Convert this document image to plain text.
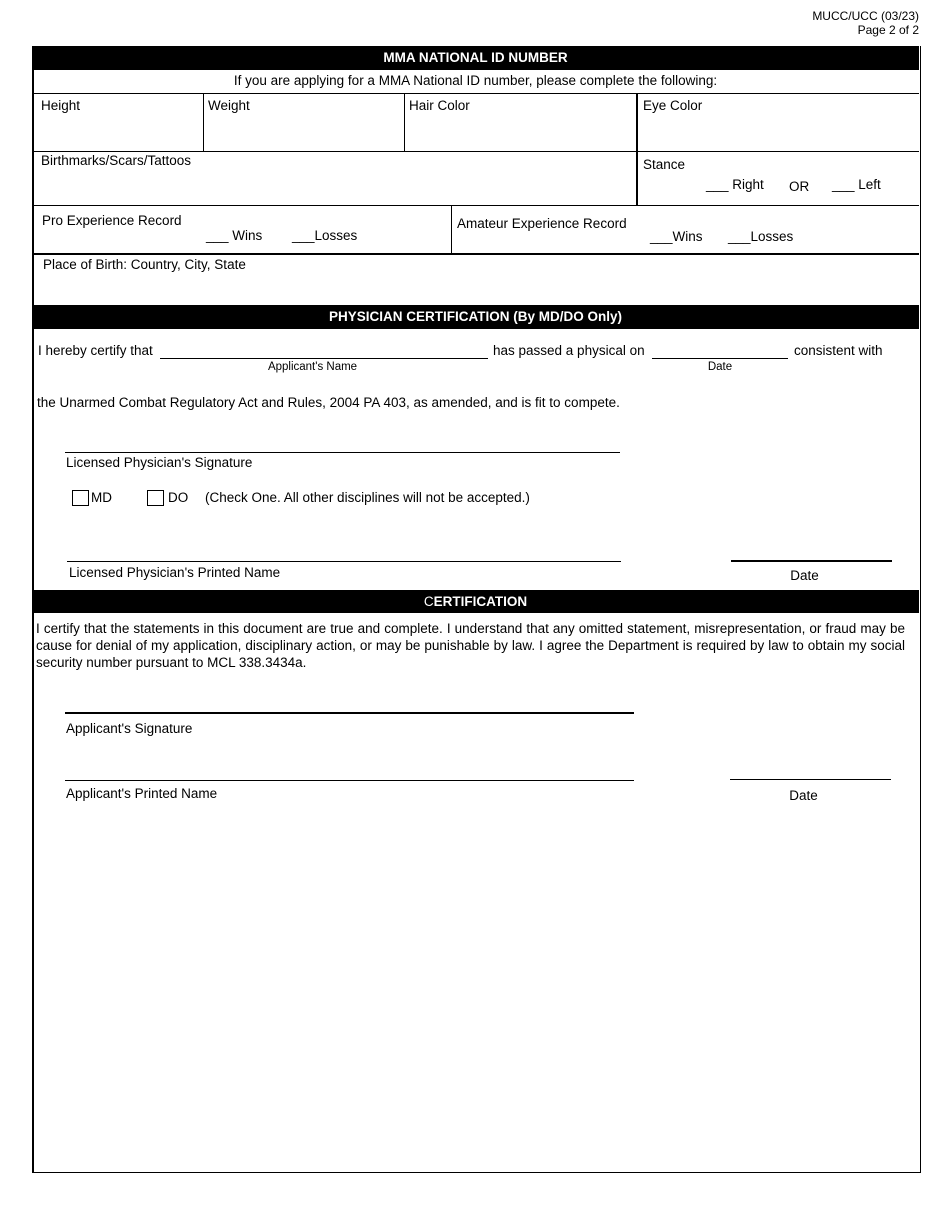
MUCC/UCC (03/23)
Page 2 of 2
MMA NATIONAL ID NUMBER
If you are applying for a MMA National ID number, please complete the following:
Height	Weight	Hair Color	Eye Color
Birthmarks/Scars/Tattoos	Stance
___ Right OR ___ Left
Pro Experience Record
___ Wins ___Losses
Amateur Experience Record
___Wins ___Losses
Place of Birth: Country, City, State
PHYSICIAN CERTIFICATION (By MD/DO Only)
I hereby certify that
Applicant's Name
has passed a physical on
Date
consistent with
the Unarmed Combat Regulatory Act and Rules, 2004 PA 403, as amended, and is fit to compete.
Licensed Physician's Signature
MD	DO (Check One. All other disciplines will not be accepted.)
Licensed Physician's Printed Name	Date
CERTIFICATION
I certify that the statements in this document are true and complete. I understand that any omitted statement, misrepresentation, or fraud may be cause for denial of my application, disciplinary action, or may be punishable by law. I agree the Department is required by law to obtain my social security number pursuant to MCL 338.3434a.
Applicant's Signature
Applicant's Printed Name	Date
